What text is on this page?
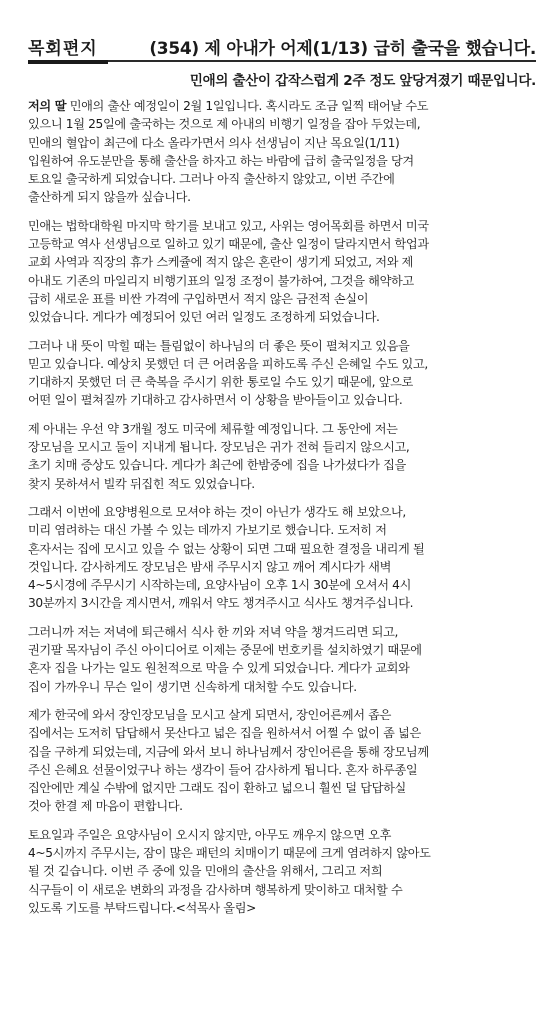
목회편지	(354) 제 아내가 어제(1/13) 급히 출국을 했습니다.
민애의 출산이 갑작스럽게 2주 정도 앞당겨졌기 때문입니다.
저의 딸 민애의 출산 예정일이 2월 1일입니다. 혹시라도 조금 일찍 태어날 수도
있으니 1월 25일에 출국하는 것으로 제 아내의 비행기 일정을 잡아 두었는데,
민애의 혈압이 최근에 다소 올라가면서 의사 선생님이 지난 목요일(1/11)
입원하여 유도분만을 통해 출산을 하자고 하는 바람에 급히 출국일정을 당겨
토요일 출국하게 되었습니다. 그러나 아직 출산하지 않았고, 이번 주간에
출산하게 되지 않을까 싶습니다.
민애는 법학대학원 마지막 학기를 보내고 있고, 사위는 영어목회를 하면서 미국
고등학교 역사 선생님으로 일하고 있기 때문에, 출산 일정이 달라지면서 학업과
교회 사역과 직장의 휴가 스케쥴에 적지 않은 혼란이 생기게 되었고, 저와 제
아내도 기존의 마일리지 비행기표의 일정 조정이 불가하여, 그것을 해약하고
급히 새로운 표를 비싼 가격에 구입하면서 적지 않은 금전적 손실이
있었습니다. 게다가 예정되어 있던 여러 일정도 조정하게 되었습니다.
그러나 내 뜻이 막힐 때는 틀림없이 하나님의 더 좋은 뜻이 펼쳐지고 있음을
믿고 있습니다. 예상치 못했던 더 큰 어려움을 피하도록 주신 은혜일 수도 있고,
기대하지 못했던 더 큰 축복을 주시기 위한 통로일 수도 있기 때문에, 앞으로
어떤 일이 펼쳐질까 기대하고 감사하면서 이 상황을 받아들이고 있습니다.
제 아내는 우선 약 3개월 정도 미국에 체류할 예정입니다. 그 동안에 저는
장모님을 모시고 둘이 지내게 됩니다. 장모님은 귀가 전혀 들리지 않으시고,
초기 치매 증상도 있습니다. 게다가 최근에 한밤중에 집을 나가셨다가 집을
찾지 못하셔서 빌칵 뒤집힌 적도 있었습니다.
그래서 이번에 요양병원으로 모셔야 하는 것이 아닌가 생각도 해 보았으나,
미리 염려하는 대신 가볼 수 있는 데까지 가보기로 했습니다. 도저히 저
혼자서는 집에 모시고 있을 수 없는 상황이 되면 그때 필요한 결정을 내리게 될
것입니다. 감사하게도 장모님은 밤새 주무시지 않고 깨어 계시다가 새벽
4~5시경에 주무시기 시작하는데, 요양사님이 오후 1시 30분에 오셔서 4시
30분까지 3시간을 계시면서, 깨워서 약도 챙겨주시고 식사도 챙겨주십니다.
그러니까 저는 저녁에 퇴근해서 식사 한 끼와 저녁 약을 챙겨드리면 되고,
권기팔 목자님이 주신 아이디어로 이제는 중문에 번호키를 설치하였기 때문에
혼자 집을 나가는 일도 원천적으로 막을 수 있게 되었습니다. 게다가 교회와
집이 가까우니 무슨 일이 생기면 신속하게 대처할 수도 있습니다.
제가 한국에 와서 장인장모님을 모시고 살게 되면서, 장인어른께서 좁은
집에서는 도저히 답답해서 못산다고 넓은 집을 원하셔서 어쩔 수 없이 좀 넓은
집을 구하게 되었는데, 지금에 와서 보니 하나님께서 장인어른을 통해 장모님께
주신 은혜요 선물이었구나 하는 생각이 들어 감사하게 됩니다. 혼자 하루종일
집안에만 계실 수밖에 없지만 그래도 집이 환하고 넓으니 훨씬 덜 답답하실
것아 한결 제 마음이 편합니다.
토요일과 주일은 요양사님이 오시지 않지만, 아무도 깨우지 않으면 오후
4~5시까지 주무시는, 잠이 많은 패턴의 치매이기 때문에 크게 염려하지 않아도
될 것 깉습니다. 이번 주 중에 있을 민애의 출산을 위해서, 그리고 저희
식구들이 이 새로운 변화의 과정을 감사하며 행복하게 맞이하고 대처할 수
있도록 기도를 부탁드립니다.<석목사 올림>
